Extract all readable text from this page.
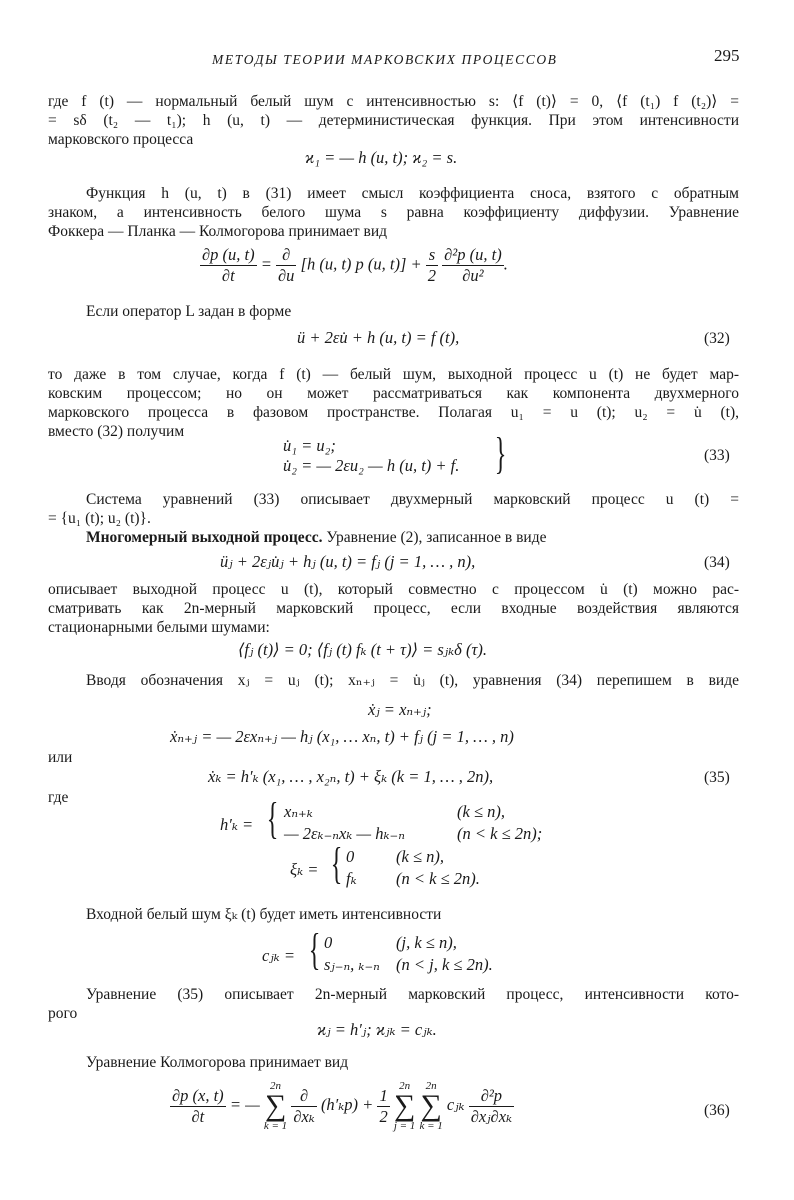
МЕТОДЫ ТЕОРИИ МАРКОВСКИХ ПРОЦЕССОВ	295
где f (t) — нормальный белый шум с интенсивностью s: ⟨f (t)⟩ = 0, ⟨f (t₁) f (t₂)⟩ =
= sδ (t₂ — t₁); h (u, t) — детерминистическая функция. При этом интенсивности
марковского процесса
ϰ₁ = — h (u, t); ϰ₂ = s.
Функция h (u, t) в (31) имеет смысл коэффициента сноса, взятого с обратным
знаком, а интенсивность белого шума s равна коэффициенту диффузии. Уравнение
Фоккера — Планка — Колмогорова принимает вид
$\frac{\partial p (u, t)}{\partial t} = \frac{\partial}{\partial u} [h$ (u, t) p (u, $t)] + \frac{s}{2}$
$\frac{\text{∂²p (u, t)}}{\text{∂u²}}$ .
Если оператор L задан в форме
ü + 2εu̇ + h (u, t) = f (t),	(32)
то даже в том случае, когда f (t) — белый шум, выходной процесс u (t) не будет мар-
ковским процессом; но он может рассматриваться как компонента двухмерного
марковского процесса в фазовом пространстве. Полагая u₁ = u (t); u₂ = u̇ (t),
вместо (32) получим
u̇₁ = u₂;
u̇₂ = — 2εu₂ — h (u, t) + f. }	(33)
Система уравнений (33) описывает двухмерный марковский процесс u (t) =
= {u₁ (t); u₂ (t)}.
Многомерный выходной процесс. Уравнение (2), записанное в виде
üⱼ + 2εⱼu̇ⱼ + hⱼ (u, t) = fⱼ (j = 1, … , n),	(34)
описывает выходной процесс u (t), который совместно с процессом u̇ (t) можно рас-
сматривать как 2n-мерный марковский процесс, если входные воздействия являются
стационарными белыми шумами:
⟨fⱼ (t)⟩ = 0; ⟨fⱼ (t) fₖ (t + τ)⟩ = sⱼₖδ (τ).
Вводя обозначения xⱼ = uⱼ (t); xₙ₊ⱼ = u̇ⱼ (t), уравнения (34) перепишем в виде
ẋⱼ = xₙ₊ⱼ;
ẋₙ₊ⱼ = — 2εxₙ₊ⱼ — hⱼ (x₁, … xₙ, t) + fⱼ (j = 1, … , n)
или
ẋₖ = h′ₖ (x₁, … , x₂ₙ, t) + ξₖ (k = 1, … , 2n),	(35)
где
h′ₖ = { xₙ₊ₖ	(k ≤ n),
— 2εₖ₋ₙxₖ — hₖ₋ₙ	(n < k ≤ 2n);
ξₖ = { 0	(k ≤ n),
fₖ (n < k ≤ 2n).
Входной белый шум ξₖ (t) будет иметь интенсивности
cⱼₖ = { 0	(j, k ≤ n),
sⱼ₋ₙ, ₖ₋ₙ (n < j, k ≤ 2n).
Уравнение (35) описывает 2n-мерный марковский процесс, интенсивности кото-
рого
ϰⱼ = h′ⱼ; ϰⱼₖ = cⱼₖ.
Уравнение Колмогорова принимает вид
$\frac{\partial p (x, t)}{\partial t}$ = —
2n
∑
k = 1
$\frac{\partial}{\text{∂xₖ}} (h'_kp) + \frac{1}{2}$
2n
∑
j = 1

2n
∑
k = 1
cⱼₖ $\frac{\text{∂²p}}{\text{∂xⱼ∂xₖ}}$	(36)
